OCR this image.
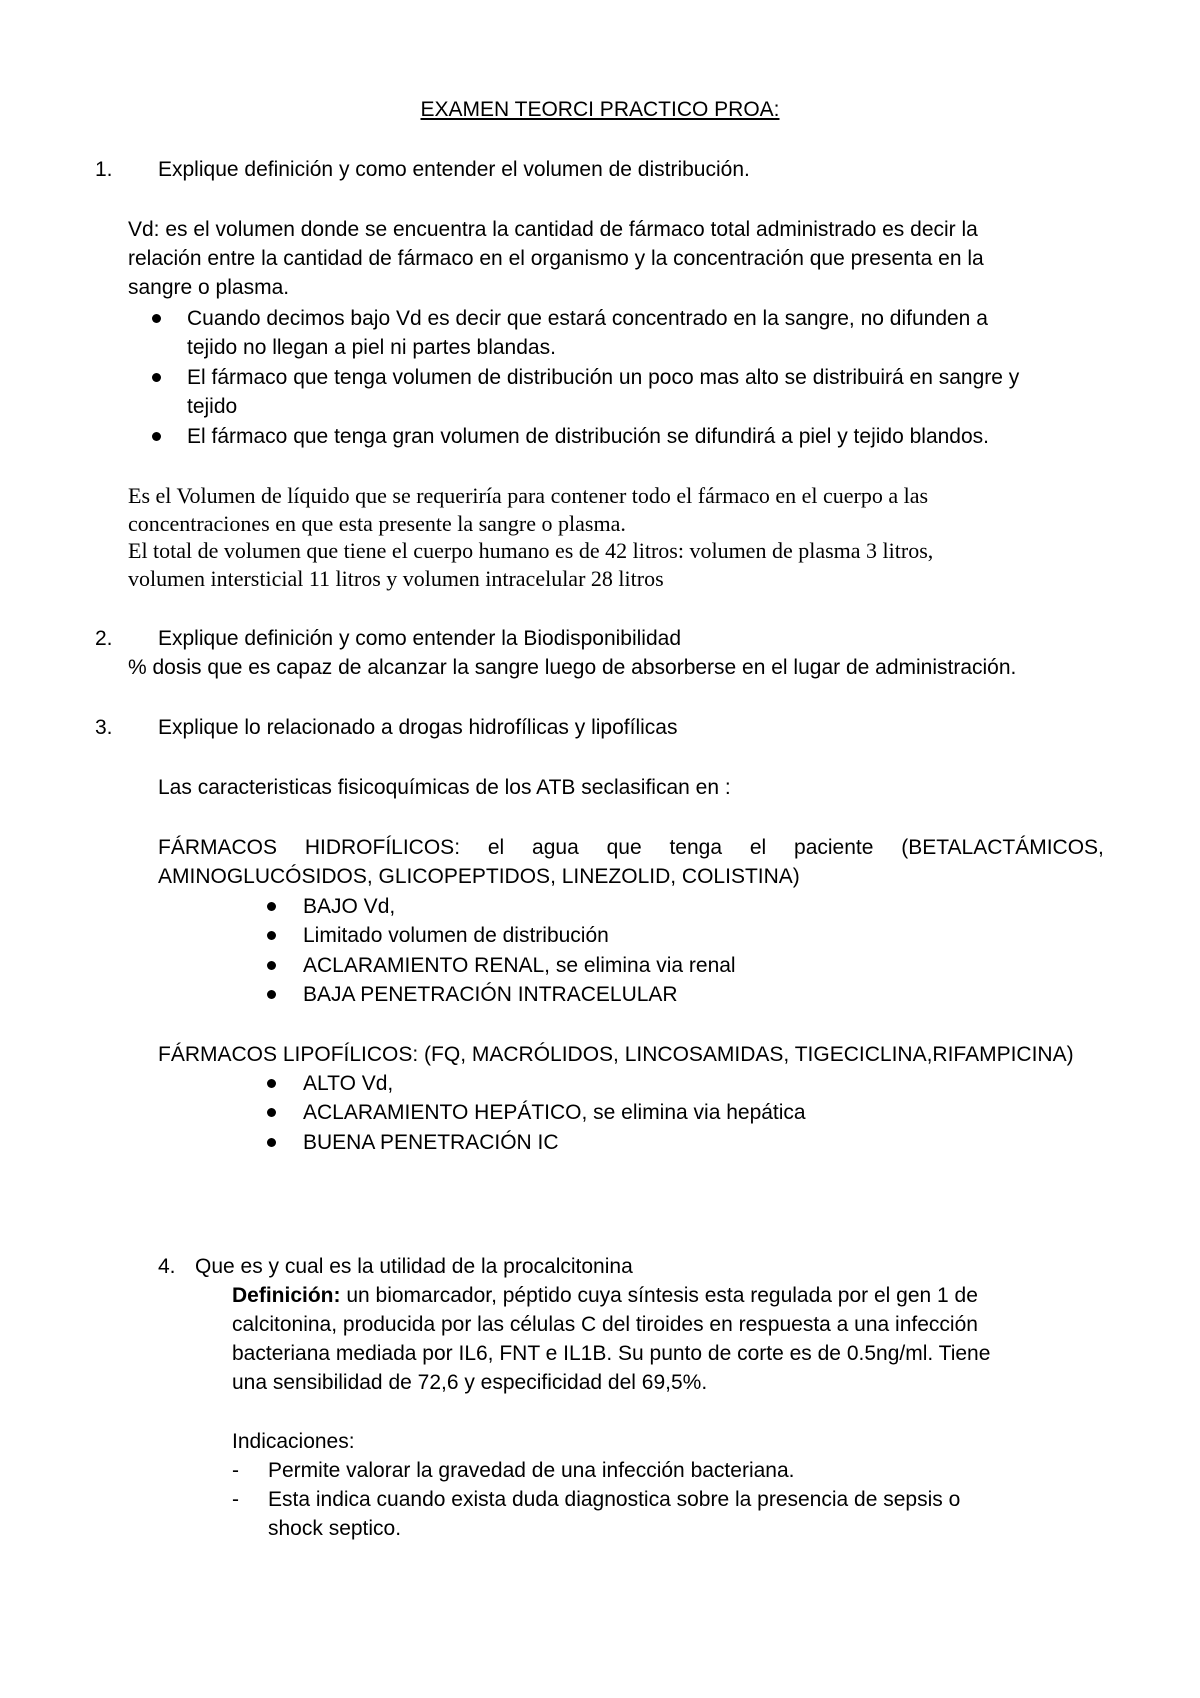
EXAMEN TEORCI PRACTICO PROA:
1. Explique definición y como entender el volumen de distribución.
Vd: es el volumen donde se encuentra la cantidad de fármaco total administrado es decir la
relación entre la cantidad de fármaco en el organismo y la concentración que presenta en la
sangre o plasma.
Cuando decimos bajo Vd es decir que estará concentrado en la sangre, no difunden a
tejido no llegan a piel ni partes blandas.
El fármaco que tenga volumen de distribución un poco mas alto se distribuirá en sangre y
tejido
El fármaco que tenga gran volumen de distribución se difundirá a piel y tejido blandos.
Es el Volumen de líquido que se requeriría para contener todo el fármaco en el cuerpo a las
concentraciones en que esta presente la sangre o plasma.
El total de volumen que tiene el cuerpo humano es de 42 litros: volumen de plasma 3 litros,
volumen intersticial 11 litros y volumen intracelular 28 litros
2. Explique definición y como entender la Biodisponibilidad
% dosis que es capaz de alcanzar la sangre luego de absorberse en el lugar de administración.
3. Explique lo relacionado a drogas hidrofílicas y lipofílicas
Las caracteristicas fisicoquímicas de los ATB seclasifican en :
FÁRMACOS HIDROFÍLICOS: el agua que tenga el paciente (BETALACTÁMICOS,
AMINOGLUCÓSIDOS, GLICOPEPTIDOS, LINEZOLID, COLISTINA)
BAJO Vd,
Limitado volumen de distribución
ACLARAMIENTO RENAL, se elimina via renal
BAJA PENETRACIÓN INTRACELULAR
FÁRMACOS LIPOFÍLICOS: (FQ, MACRÓLIDOS, LINCOSAMIDAS, TIGECICLINA,RIFAMPICINA)
ALTO Vd,
ACLARAMIENTO HEPÁTICO, se elimina via hepática
BUENA PENETRACIÓN IC
4. Que es y cual es la utilidad de la procalcitonina
Definición: un biomarcador, péptido cuya síntesis esta regulada por el gen 1 de
calcitonina, producida por las células C del tiroides en respuesta a una infección
bacteriana mediada por IL6, FNT e IL1B. Su punto de corte es de 0.5ng/ml. Tiene
una sensibilidad de 72,6 y especificidad del 69,5%.
Indicaciones:
- Permite valorar la gravedad de una infección bacteriana.
- Esta indica cuando exista duda diagnostica sobre la presencia de sepsis o
shock septico.
